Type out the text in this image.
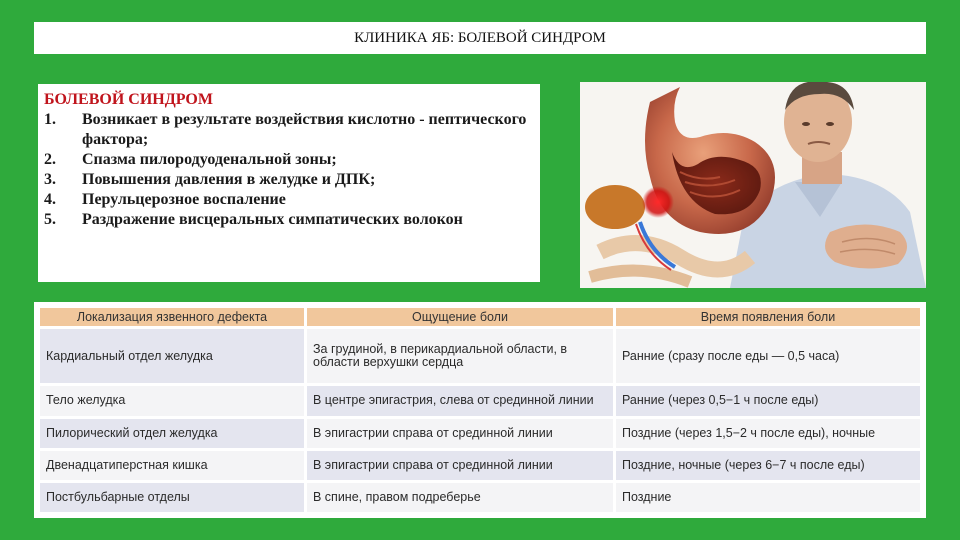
КЛИНИКА ЯБ: БОЛЕВОЙ СИНДРОМ
БОЛЕВОЙ СИНДРОМ
1.	Возникает в результате воздействия кислотно - пептического фактора;
2.	Спазма пилородуоденальной зоны;
3.	Повышения давления в желудке и ДПК;
4.	Перульцерозное воспаление
5.	Раздражение висцеральных симпатических волокон
Локализация язвенного дефекта	Ощущение боли	Время появления боли
Кардиальный отдел желудка	За грудиной, в перикардиальной области, в области верхушки сердца	Ранние (сразу после еды — 0,5 часа)
Тело желудка	В центре эпигастрия, слева от срединной линии	Ранние (через 0,5−1 ч после еды)
Пилорический отдел желудка	В эпигастрии справа от срединной линии	Поздние (через 1,5−2 ч после еды), ночные
Двенадцатиперстная кишка	В эпигастрии справа от срединной линии	Поздние, ночные (через 6−7 ч после еды)
Постбульбарные отделы	В спине, правом подреберье	Поздние
